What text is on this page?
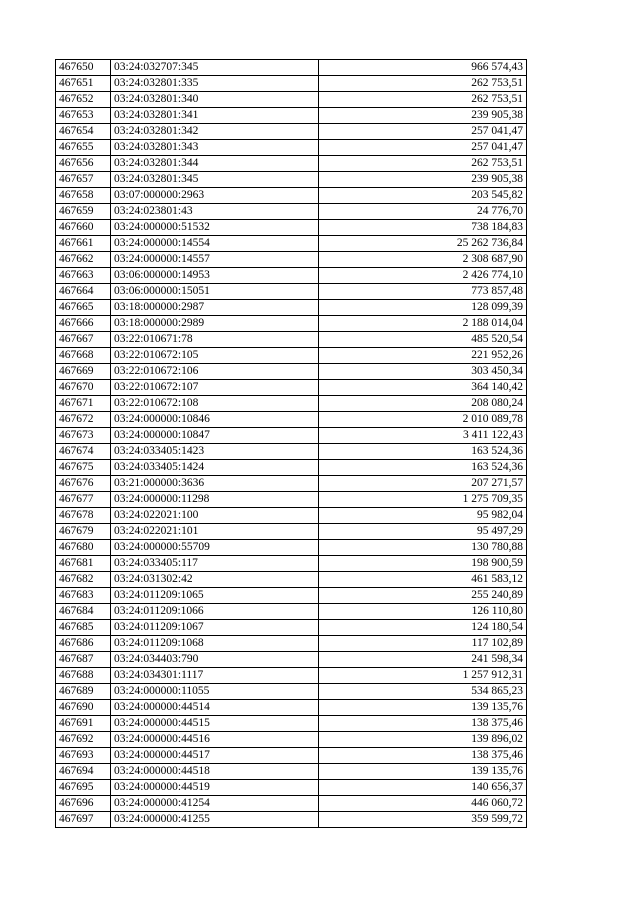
467650	03:24:032707:345	966 574,43
467651	03:24:032801:335	262 753,51
467652	03:24:032801:340	262 753,51
467653	03:24:032801:341	239 905,38
467654	03:24:032801:342	257 041,47
467655	03:24:032801:343	257 041,47
467656	03:24:032801:344	262 753,51
467657	03:24:032801:345	239 905,38
467658	03:07:000000:2963	203 545,82
467659	03:24:023801:43	24 776,70
467660	03:24:000000:51532	738 184,83
467661	03:24:000000:14554	25 262 736,84
467662	03:24:000000:14557	2 308 687,90
467663	03:06:000000:14953	2 426 774,10
467664	03:06:000000:15051	773 857,48
467665	03:18:000000:2987	128 099,39
467666	03:18:000000:2989	2 188 014,04
467667	03:22:010671:78	485 520,54
467668	03:22:010672:105	221 952,26
467669	03:22:010672:106	303 450,34
467670	03:22:010672:107	364 140,42
467671	03:22:010672:108	208 080,24
467672	03:24:000000:10846	2 010 089,78
467673	03:24:000000:10847	3 411 122,43
467674	03:24:033405:1423	163 524,36
467675	03:24:033405:1424	163 524,36
467676	03:21:000000:3636	207 271,57
467677	03:24:000000:11298	1 275 709,35
467678	03:24:022021:100	95 982,04
467679	03:24:022021:101	95 497,29
467680	03:24:000000:55709	130 780,88
467681	03:24:033405:117	198 900,59
467682	03:24:031302:42	461 583,12
467683	03:24:011209:1065	255 240,89
467684	03:24:011209:1066	126 110,80
467685	03:24:011209:1067	124 180,54
467686	03:24:011209:1068	117 102,89
467687	03:24:034403:790	241 598,34
467688	03:24:034301:1117	1 257 912,31
467689	03:24:000000:11055	534 865,23
467690	03:24:000000:44514	139 135,76
467691	03:24:000000:44515	138 375,46
467692	03:24:000000:44516	139 896,02
467693	03:24:000000:44517	138 375,46
467694	03:24:000000:44518	139 135,76
467695	03:24:000000:44519	140 656,37
467696	03:24:000000:41254	446 060,72
467697	03:24:000000:41255	359 599,72
